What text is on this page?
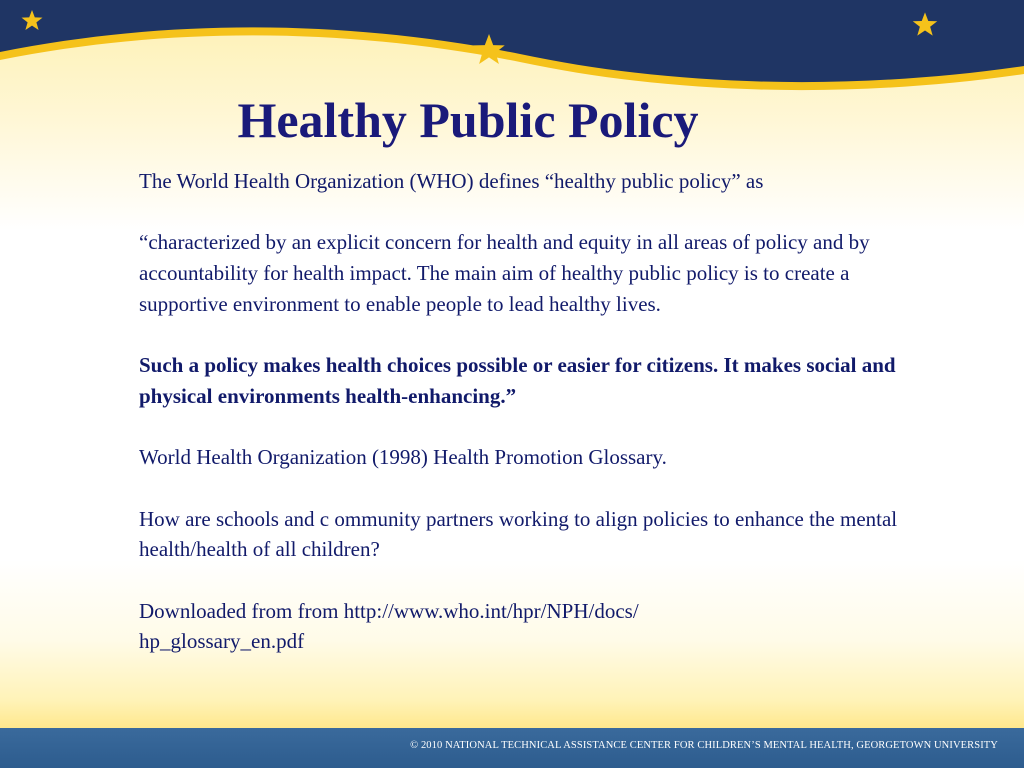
Healthy Public Policy

The World Health Organization (WHO) defines “healthy public policy” as

“characterized by an explicit concern for health and equity in all areas of policy and by accountability for health impact. The main aim of healthy public policy is to create a supportive environment to enable people to lead healthy lives.

Such a policy makes health choices possible or easier for citizens. It makes social and physical environments health-enhancing.”

World Health Organization (1998) Health Promotion Glossary.

How are schools and c ommunity partners working to align policies to enhance the mental health/health of all children?

Downloaded from from http://www.who.int/hpr/NPH/docs/

hp_glossary_en.pdf

© 2010 NATIONAL TECHNICAL ASSISTANCE CENTER FOR CHILDREN’S MENTAL HEALTH, GEORGETOWN UNIVERSITY
